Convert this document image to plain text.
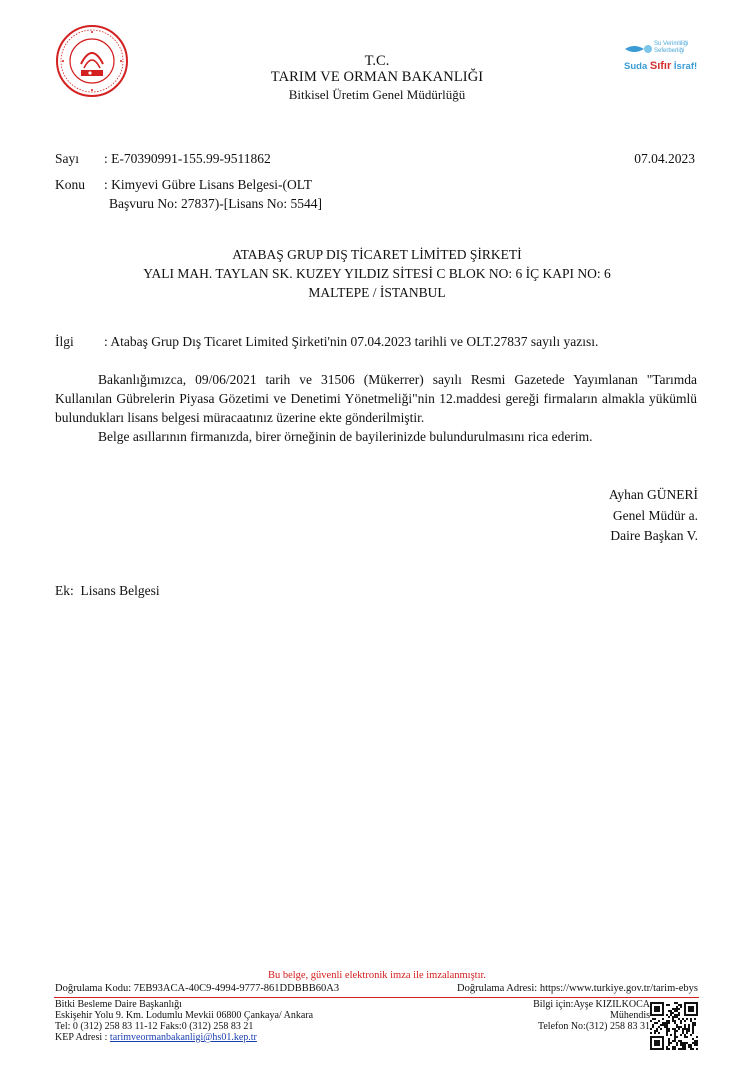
Su Verimliliği
Seferberliği
Suda Sıfır İsraf!
T.C.
TARIM VE ORMAN BAKANLIĞI
Bitkisel Üretim Genel Müdürlüğü
Sayı : E-70390991-155.99-9511862	07.04.2023
Konu : Kimyevi Gübre Lisans Belgesi-(OLT
Başvuru No: 27837)-[Lisans No: 5544]
ATABAŞ GRUP DIŞ TİCARET LİMİTED ŞİRKETİ
YALI MAH. TAYLAN SK. KUZEY YILDIZ SİTESİ C BLOK NO: 6 İÇ KAPI NO: 6
MALTEPE / İSTANBUL
İlgi : Atabaş Grup Dış Ticaret Limited Şirketi'nin 07.04.2023 tarihli ve OLT.27837 sayılı yazısı.

Bakanlığımızca, 09/06/2021 tarih ve 31506 (Mükerrer) sayılı Resmi Gazetede Yayımlanan "Tarımda Kullanılan Gübrelerin Piyasa Gözetimi ve Denetimi Yönetmeliği"nin 12.maddesi gereği firmaların almakla yükümlü bulundukları lisans belgesi müracaatınız üzerine ekte gönderilmiştir.

Belge asıllarının firmanızda, birer örneğinin de bayilerinizde bulundurulmasını rica ederim.
Ayhan GÜNERİ
Genel Müdür a.
Daire Başkan V.
Ek:  Lisans Belgesi
Bu belge, güvenli elektronik imza ile imzalanmıştır.
Doğrulama Kodu: 7EB93ACA-40C9-4994-9777-861DDBBB60A3	Doğrulama Adresi: https://www.turkiye.gov.tr/tarim-ebys
Bitki Besleme Daire Başkanlığı
Eskişehir Yolu 9. Km. Lodumlu Mevkii 06800 Çankaya/ Ankara
Tel: 0 (312) 258 83 11-12 Faks:0 (312) 258 83 21
KEP Adresi : tarimveormanbakanligi@hs01.kep.tr
Bilgi için:Ayşe KIZILKOCA
Mühendis
Telefon No:(312) 258 83 31
